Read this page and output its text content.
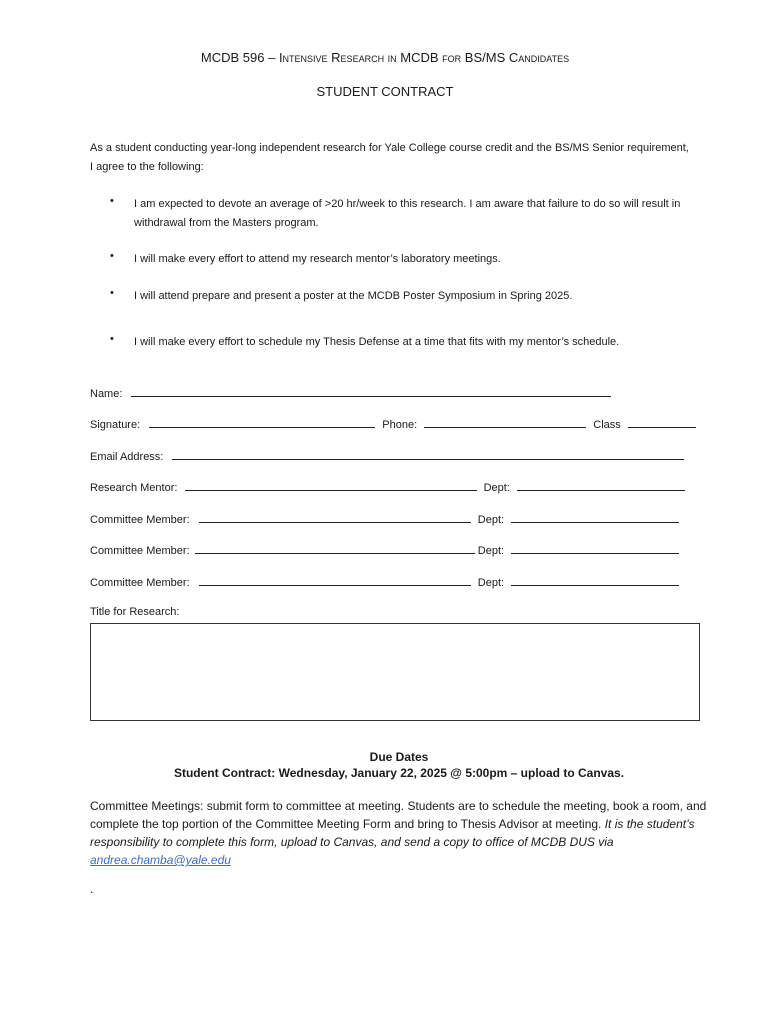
MCDB 596 – Intensive Research in MCDB for BS/MS Candidates
STUDENT CONTRACT
As a student conducting year-long independent research for Yale College course credit and the BS/MS Senior requirement, I agree to the following:
• I am expected to devote an average of >20 hr/week to this research. I am aware that failure to do so will result in withdrawal from the Masters program.
• I will make every effort to attend my research mentor’s laboratory meetings.
• I will attend prepare and present a poster at the MCDB Poster Symposium in Spring 2025.
• I will make every effort to schedule my Thesis Defense at a time that fits with my mentor’s schedule.
Name:
Signature:	Phone:	Class
Email Address:
Research Mentor:	Dept:
Committee Member:	Dept:
Committee Member:	Dept:
Committee Member:	Dept:
Title for Research:
Due Dates
Student Contract: Wednesday, January 22, 2025 @ 5:00pm – upload to Canvas.
Committee Meetings: submit form to committee at meeting. Students are to schedule the meeting, book a room, and complete the top portion of the Committee Meeting Form and bring to Thesis Advisor at meeting. It is the student’s responsibility to complete this form, upload to Canvas, and send a copy to office of MCDB DUS via andrea.chamba@yale.edu
.
